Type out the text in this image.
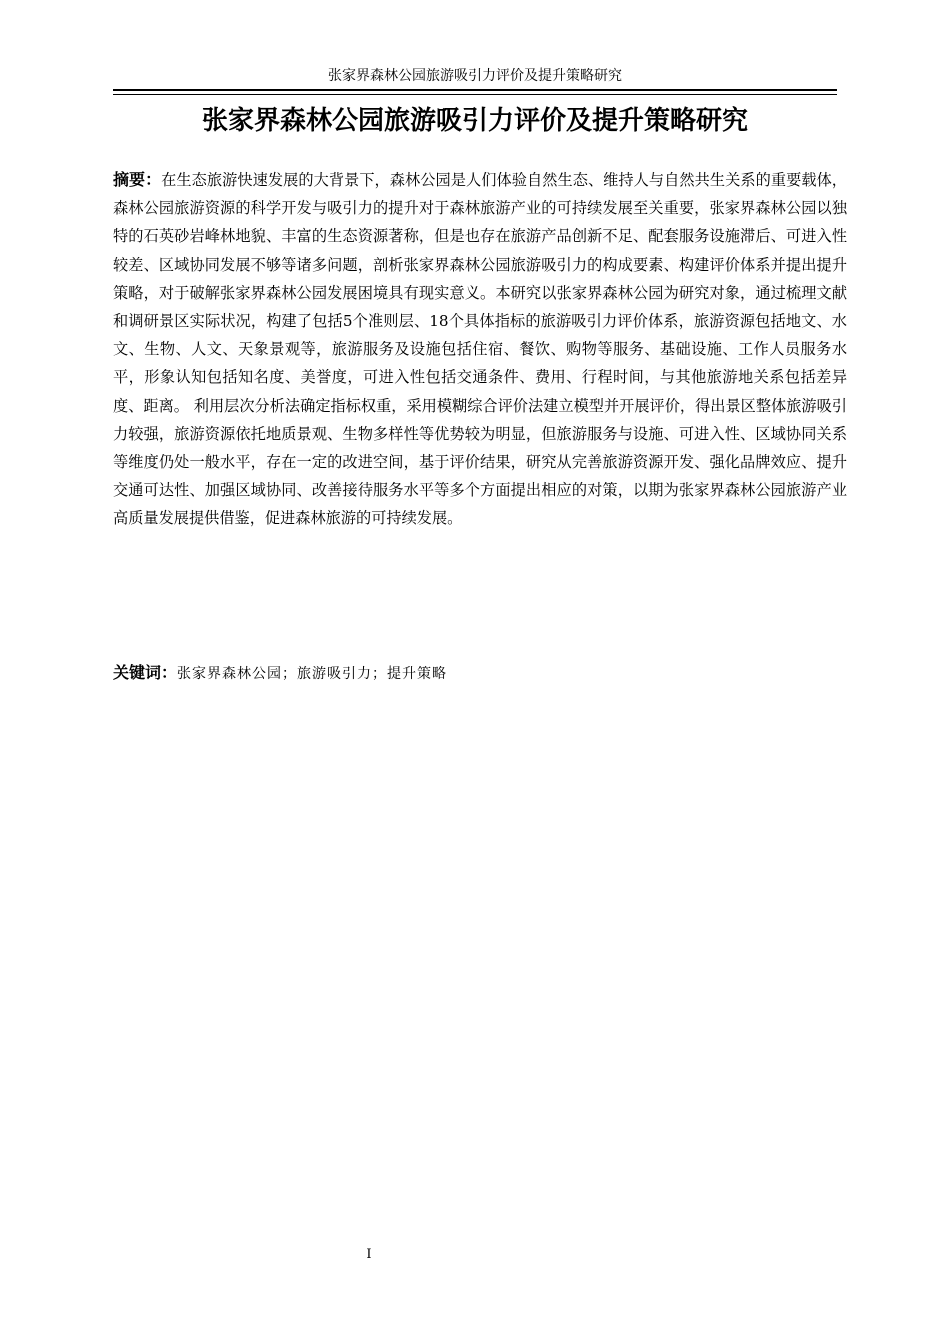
张家界森林公园旅游吸引力评价及提升策略研究
张家界森林公园旅游吸引力评价及提升策略研究

摘要：在生态旅游快速发展的大背景下，森林公园是人们体验自然生态、维持人与自然共生关系的重要载体，森林公园旅游资源的科学开发与吸引力的提升对于森林旅游产业的可持续发展至关重要，张家界森林公园以独特的石英砂岩峰林地貌、丰富的生态资源著称，但是也存在旅游产品创新不足、配套服务设施滞后、可进入性较差、区域协同发展不够等诸多问题，剖析张家界森林公园旅游吸引力的构成要素、构建评价体系并提出提升策略，对于破解张家界森林公园发展困境具有现实意义。本研究以张家界森林公园为研究对象，通过梳理文献和调研景区实际状况，构建了包括5个准则层、18个具体指标的旅游吸引力评价体系，旅游资源包括地文、水文、生物、人文、天象景观等，旅游服务及设施包括住宿、餐饮、购物等服务、基础设施、工作人员服务水平，形象认知包括知名度、美誉度，可进入性包括交通条件、费用、行程时间，与其他旅游地关系包括差异度、距离。 利用层次分析法确定指标权重，采用模糊综合评价法建立模型并开展评价，得出景区整体旅游吸引力较强，旅游资源依托地质景观、生物多样性等优势较为明显，但旅游服务与设施、可进入性、区域协同关系等维度仍处一般水平，存在一定的改进空间，基于评价结果，研究从完善旅游资源开发、强化品牌效应、提升交通可达性、加强区域协同、改善接待服务水平等多个方面提出相应的对策，以期为张家界森林公园旅游产业高质量发展提供借鉴，促进森林旅游的可持续发展。

关键词：张家界森林公园；旅游吸引力；提升策略

I
